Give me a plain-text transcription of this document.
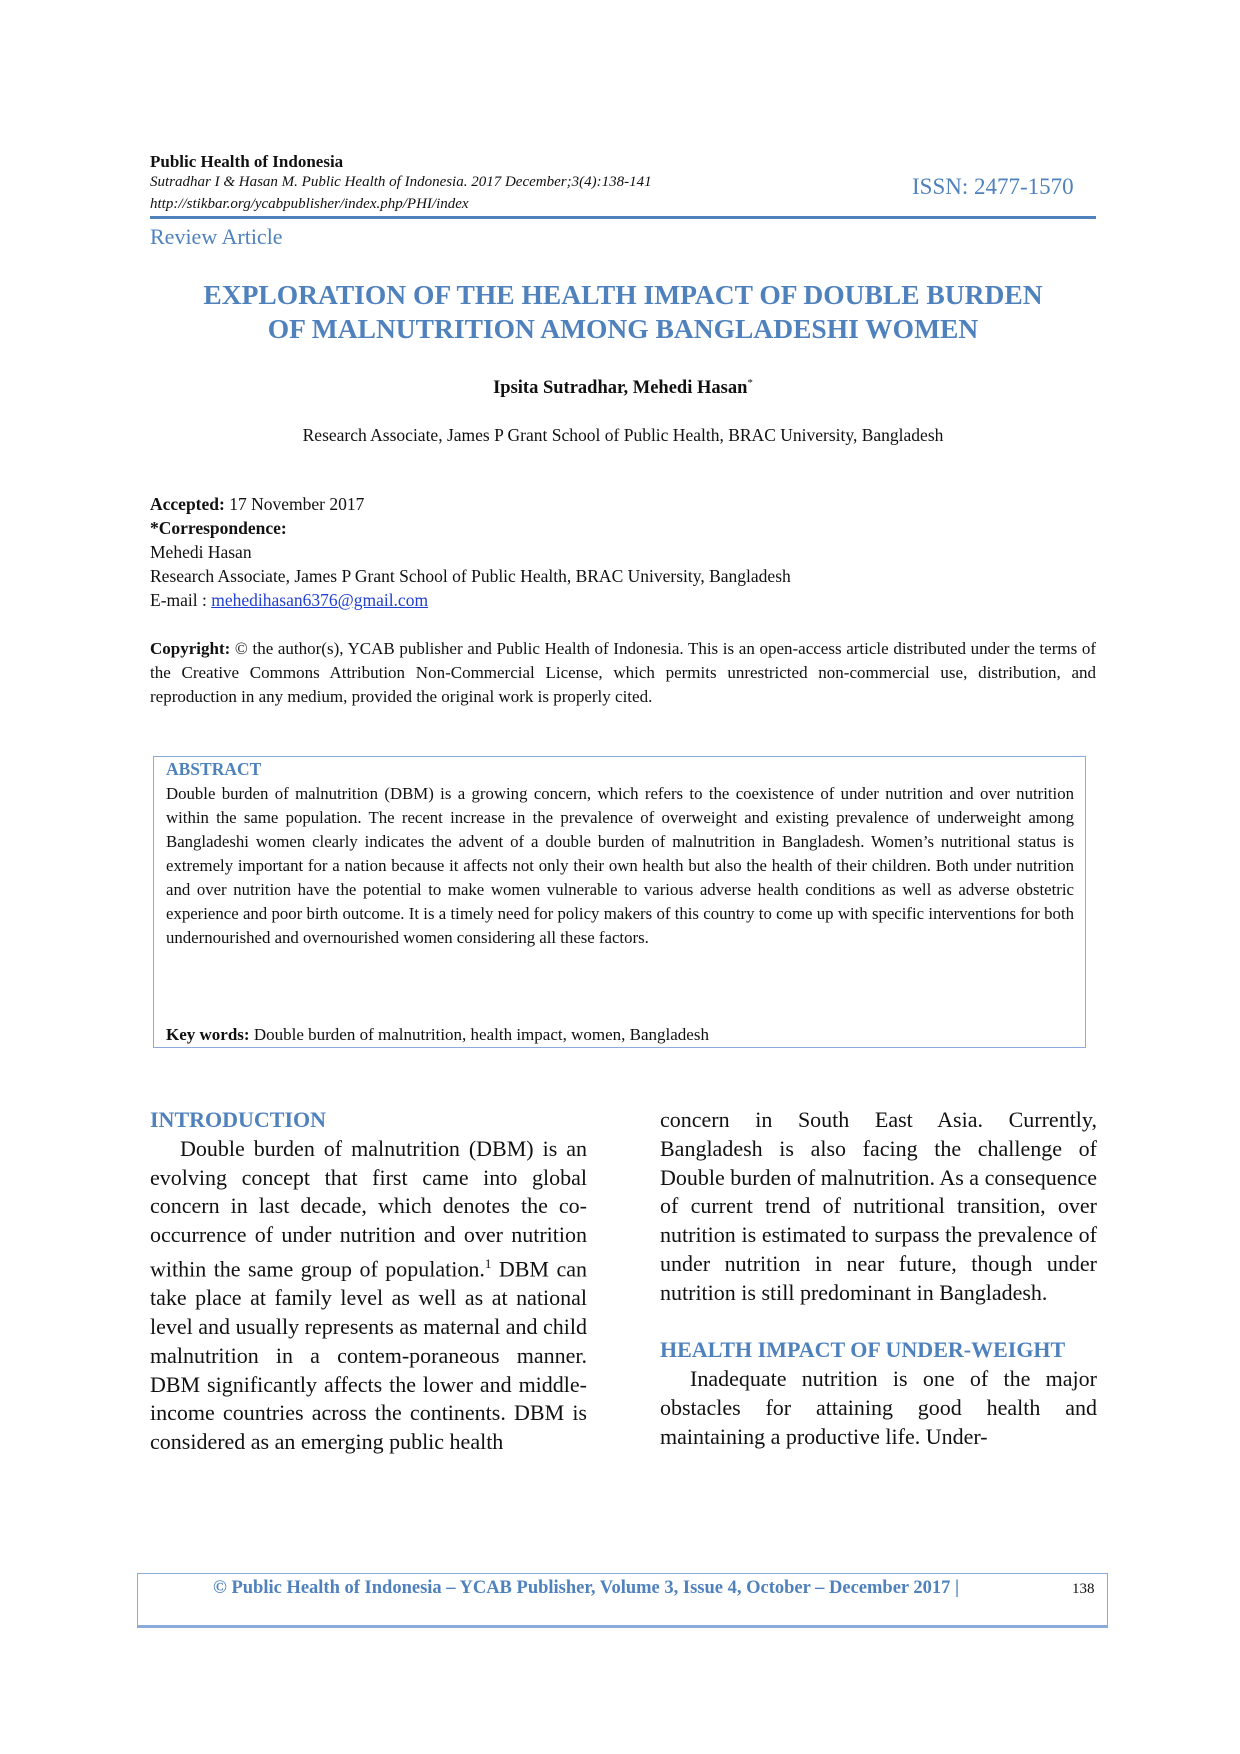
Public Health of Indonesia
Sutradhar I & Hasan M. Public Health of Indonesia. 2017 December;3(4):138-141
http://stikbar.org/ycabpublisher/index.php/PHI/index
ISSN: 2477-1570
Review Article
EXPLORATION OF THE HEALTH IMPACT OF DOUBLE BURDEN
OF MALNUTRITION AMONG BANGLADESHI WOMEN
Ipsita Sutradhar, Mehedi Hasan*
Research Associate, James P Grant School of Public Health, BRAC University, Bangladesh
Accepted: 17 November 2017
*Correspondence:
Mehedi Hasan
Research Associate, James P Grant School of Public Health, BRAC University, Bangladesh
E-mail : mehedihasan6376@gmail.com
Copyright: © the author(s), YCAB publisher and Public Health of Indonesia. This is an open-access article distributed under the terms of the Creative Commons Attribution Non-Commercial License, which permits unrestricted non-commercial use, distribution, and reproduction in any medium, provided the original work is properly cited.
ABSTRACT
Double burden of malnutrition (DBM) is a growing concern, which refers to the coexistence of under nutrition and over nutrition within the same population. The recent increase in the prevalence of overweight and existing prevalence of underweight among Bangladeshi women clearly indicates the advent of a double burden of malnutrition in Bangladesh. Women’s nutritional status is extremely important for a nation because it affects not only their own health but also the health of their children. Both under nutrition and over nutrition have the potential to make women vulnerable to various adverse health conditions as well as adverse obstetric experience and poor birth outcome. It is a timely need for policy makers of this country to come up with specific interventions for both undernourished and overnourished women considering all these factors.
Key words: Double burden of malnutrition, health impact, women, Bangladesh
INTRODUCTION

Double burden of malnutrition (DBM) is an evolving concept that first came into global concern in last decade, which denotes the co-occurrence of under nutrition and over nutrition within the same group of population.$^1$ DBM can take place at family level as well as at national level and usually represents as maternal and child malnutrition in a contem-poraneous manner. DBM significantly affects the lower and middle-income countries across the continents. DBM is considered as an emerging public health

concern in South East Asia. Currently, Bangladesh is also facing the challenge of Double burden of malnutrition. As a consequence of current trend of nutritional transition, over nutrition is estimated to surpass the prevalence of under nutrition in near future, though under nutrition is still predominant in Bangladesh.

HEALTH IMPACT OF UNDER-WEIGHT

Inadequate nutrition is one of the major obstacles for attaining good health and maintaining a productive life. Under-

© Public Health of Indonesia – YCAB Publisher, Volume 3, Issue 4, October – December 2017 |	138
